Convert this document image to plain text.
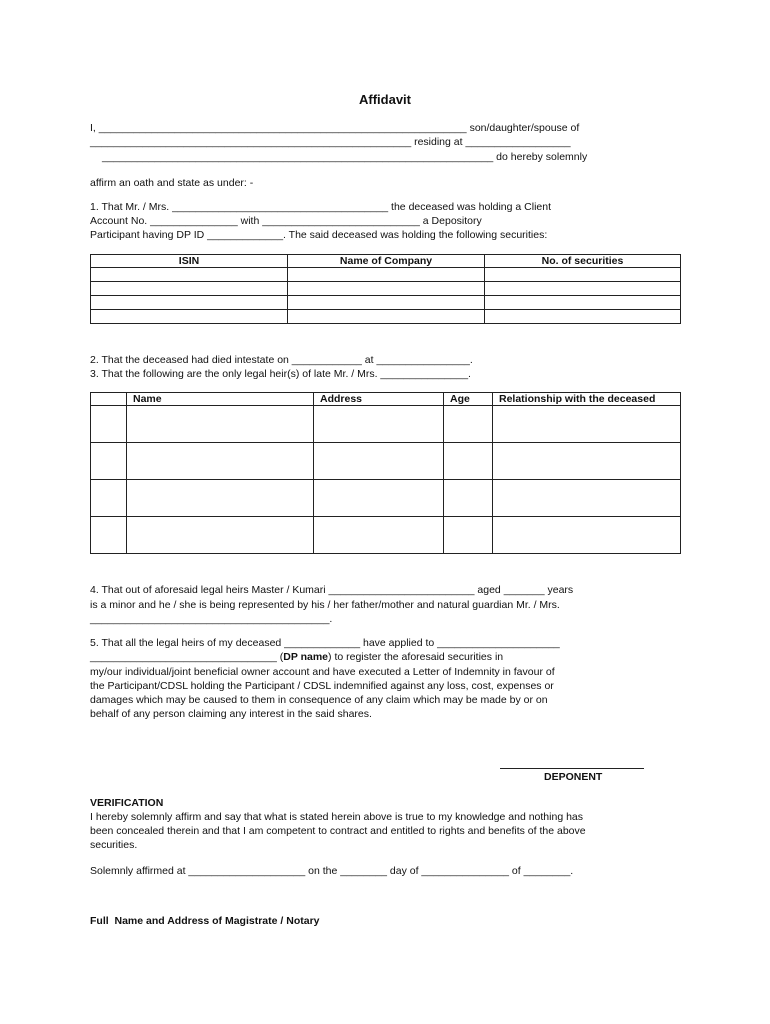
Affidavit
I, _______________________________________________________________ son/daughter/spouse of
_______________________________________________________ residing at __________________
___________________________________________________________________ do hereby solemnly
affirm an oath and state as under: -
1. That Mr. / Mrs. _____________________________________ the deceased was holding a Client
Account No. _______________ with ___________________________ a Depository
Participant having DP ID _____________. The said deceased was holding the following securities:
ISIN	Name of Company	No. of securities

2. That the deceased had died intestate on ____________ at ________________.
3. That the following are the only legal heir(s) of late Mr. / Mrs. _______________.
	Name	Address	Age	Relationship with the deceased

4. That out of aforesaid legal heirs Master / Kumari _________________________ aged _______ years
is a minor and he / she is being represented by his / her father/mother and natural guardian Mr. / Mrs.
_________________________________________.
5. That all the legal heirs of my deceased _____________ have applied to _____________________
________________________________ (DP name) to register the aforesaid securities in
my/our individual/joint beneficial owner account and have executed a Letter of Indemnity in favour of
the Participant/CDSL holding the Participant / CDSL indemnified against any loss, cost, expenses or
damages which may be caused to them in consequence of any claim which may be made by or on
behalf of any person claiming any interest in the said shares.
DEPONENT
VERIFICATION
I hereby solemnly affirm and say that what is stated herein above is true to my knowledge and nothing has
been concealed therein and that I am competent to contract and entitled to rights and benefits of the above
securities.
Solemnly affirmed at ____________________ on the ________ day of _______________ of ________.
Full  Name and Address of Magistrate / Notary
